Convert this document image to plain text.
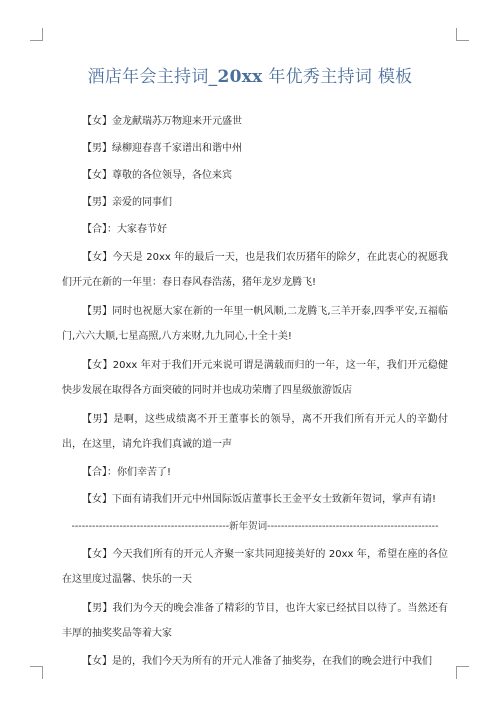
酒店年会主持词_20xx 年优秀主持词 模板

【女】金龙献瑞苏万物迎来开元盛世

【男】绿柳迎春喜千家谱出和谐中州

【女】尊敬的各位领导，各位来宾

【男】亲爱的同事们

【合】：大家春节好

【女】今天是 20xx 年的最后一天，也是我们农历猪年的除夕，在此衷心的祝愿我们开元在新的一年里：春日春风春浩荡，猪年龙岁龙腾飞!

【男】同时也祝愿大家在新的一年里一帆风顺,二龙腾飞,三羊开泰,四季平安,五福临门,六六大顺,七星高照,八方来财,九九同心,十全十美!

【女】20xx 年对于我们开元来说可谓是满载而归的一年，这一年，我们开元稳健快步发展在取得各方面突破的同时并也成功荣膺了四星级旅游饭店

【男】是啊，这些成绩离不开王董事长的领导，离不开我们所有开元人的辛勤付出，在这里，请允许我们真诚的道一声

【合】：你们幸苦了!

【女】下面有请我们开元中州国际饭店董事长王金平女士致新年贺词，掌声有请!

----------------------------------------------新年贺词--------------------------------------------------

【女】今天我们所有的开元人齐聚一家共同迎接美好的 20xx 年，希望在座的各位在这里度过温馨、快乐的一天

【男】我们为今天的晚会准备了精彩的节目，也许大家已经拭目以待了。当然还有丰厚的抽奖奖品等着大家

【女】是的，我们今天为所有的开元人准备了抽奖券，在我们的晚会进行中我们
